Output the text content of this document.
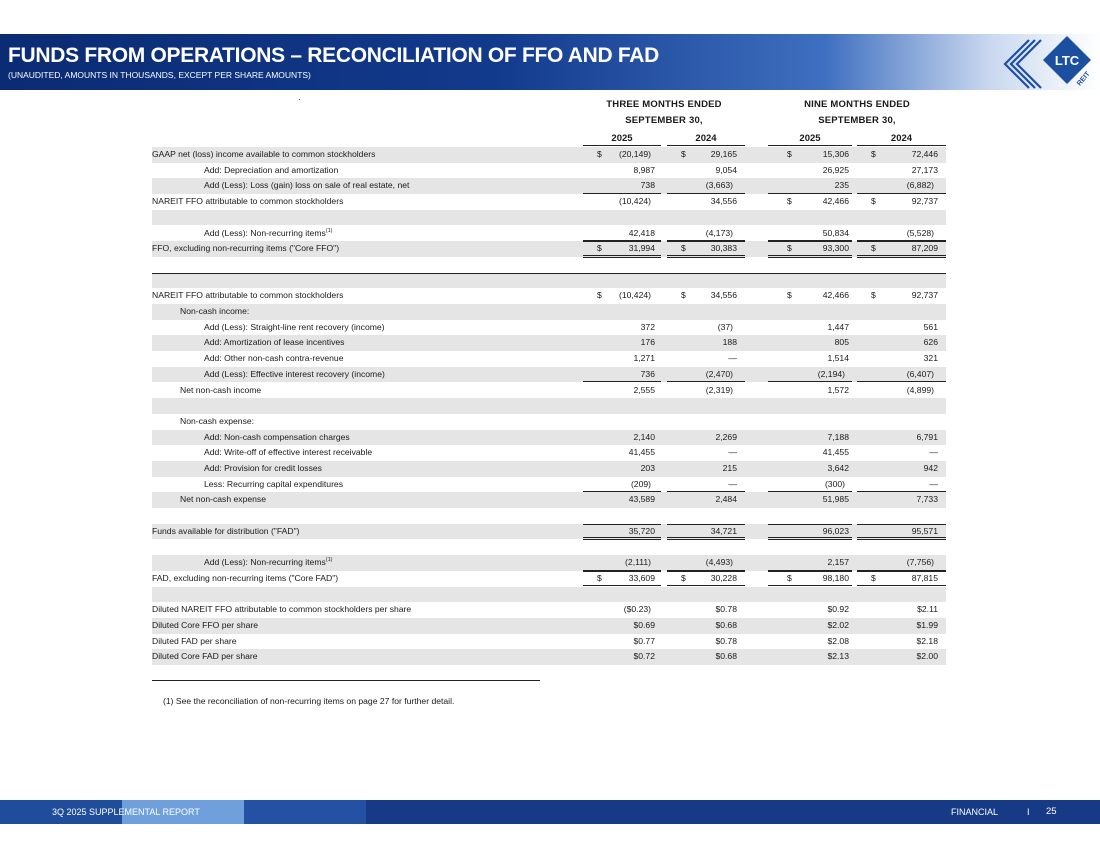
FUNDS FROM OPERATIONS – RECONCILIATION OF FFO AND FAD
(UNAUDITED, AMOUNTS IN THOUSANDS, EXCEPT PER SHARE AMOUNTS)
LTC
REIT
THREE MONTHS ENDED
SEPTEMBER 30,
NINE MONTHS ENDED
SEPTEMBER 30,
2025	2024	2025	2024
GAAP net (loss) income available to common stockholders	$ (20,149)	$	29,165	$	15,306	$	72,446
Add: Depreciation and amortization	8,987	9,054	26,925	27,173
Add (Less): Loss (gain) loss on sale of real estate, net	738	(3,663)	235	(6,882)
NAREIT FFO attributable to common stockholders	(10,424)	34,556	$	42,466	$	92,737
Add (Less): Non-recurring items$^{(1)}$	42,418	(4,173)	50,834	(5,528)
FFO, excluding non-recurring items ("Core FFO")	$	31,994	$	30,383	$	93,300	$	87,209
NAREIT FFO attributable to common stockholders	$ (10,424)	$	34,556	$	42,466	$	92,737
Non-cash income:
Add (Less): Straight-line rent recovery (income)	372	(37)	1,447	561
Add: Amortization of lease incentives	176	188	805	626
Add: Other non-cash contra-revenue	1,271	—	1,514	321
Add (Less): Effective interest recovery (income)	736	(2,470)	(2,194)	(6,407)
Net non-cash income	2,555	(2,319)	1,572	(4,899)
Non-cash expense:
Add: Non-cash compensation charges	2,140	2,269	7,188	6,791
Add: Write-off of effective interest receivable	41,455	—	41,455	—
Add: Provision for credit losses	203	215	3,642	942
Less: Recurring capital expenditures	(209)	—	(300)	—
Net non-cash expense	43,589	2,484	51,985	7,733
Funds available for distribution ("FAD")	35,720	34,721	96,023	95,571
Add (Less): Non-recurring items$^{(1)}$	(2,111)	(4,493)	2,157	(7,756)
FAD, excluding non-recurring items ("Core FAD")	$	33,609	$	30,228	$	98,180	$	87,815
Diluted NAREIT FFO attributable to common stockholders per share	($0.23)	$0.78	$0.92	$2.11
Diluted Core FFO per share	$0.69	$0.68	$2.02	$1.99
Diluted FAD per share	$0.77	$0.78	$2.08	$2.18
Diluted Core FAD per share	$0.72	$0.68	$2.13	$2.00
(1) See the reconciliation of non-recurring items on page 27 for further detail.
3Q 2025 SUPPLEMENTAL REPORT	FINANCIAL	I 25
